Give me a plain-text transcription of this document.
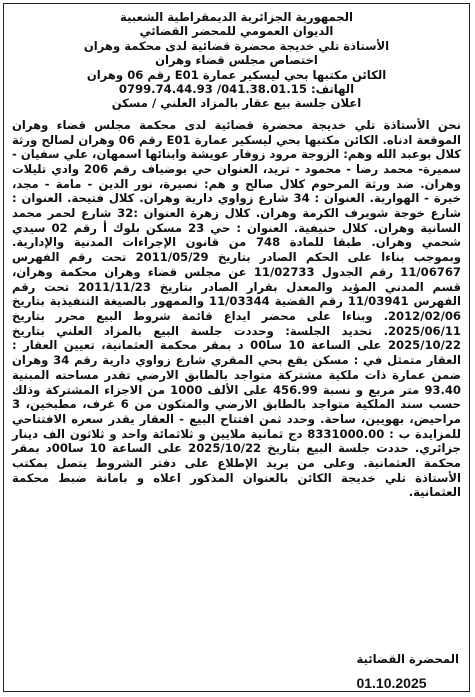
الجمهورية الجزائرية الديمقراطية الشعبية
الديوان العمومي للمحضر القضائي
الأستاذة تلي خديجة محضرة قضائية لدى محكمة وهران
اختصاص مجلس قضاء وهران
الكائن مكتبها بحي ليسكير عمارة E01 رقم 06 وهران
الهاتف: 041.38.01.15/ 0799.74.44.93
اعلان جلسة بيع عقار بالمزاد العلني / مسكن
نحن الأستاذة تلي خديجة محضرة قضائية لدى محكمة مجلس قضاء وهران الموقعة ادناه. الكائن مكتبها بحي ليسكير عمارة E01 رقم 06 وهران لصالح ورثة كلال بوعبد الله وهم: الزوجة مرود زوفار عويشة وابنائها اسمهان، علي سفيان - سميرة- محمد رضا - محمود - تريد، العنوان حي بوضياف رقم 206 وادي تليلات وهران. ضد ورثة المرحوم كلال صالح و هم: نصيرة، نور الدين - مامة - مجد، خيرة - الهوارية. العنوان : 34 شارع زواوي دارية وهران. كلال فتيحة. العنوان : شارع خوجة شويرف الكرمة وهران. كلال زهرة العنوان :32 شارع لحمر محمد السانية وهران. كلال حنيفية. العنوان : حي 23 مسكن بلوك أ رقم 02 سيدي شحمي وهران. طبقا للمادة 748 من قانون الإجراءات المدنية والإدارية. وبموجب بناءا على الحكم الصادر بتاريخ 2011/05/29 تحت رقم الفهرس 11/06767 رقم الجدول 11/02733 عن مجلس قضاء وهران محكمة وهران، قسم المدني المؤيد والمعدل بقرار الصادر بتاريخ 2011/11/23 تحت رقم الفهرس 11/03941 رقم القضية 11/03344 والممهور بالصيغة التنفيذية بتاريخ 2012/02/06. وبناءا على محضر ايداع قائمة شروط البيع محرر بتاريخ 2025/06/11. تحديد الجلسة: وحددت جلسة البيع بالمزاد العلني بتاريخ 2025/10/22 على الساعة 10 سا00 د بمقر محكمة العثمانية، تعيين العقار : العقار متمثل في : مسكن يقع بحي المقري شارع زواوي دارية رقم 34 وهران ضمن عمارة ذات ملكية مشتركة متواجد بالطابق الارضي تقدر مساحته المبنية 93.40 متر مربع و نسبة 456.99 على الألف 1000 من الاجزاء المشتركة وذلك حسب سند الملكية متواجد بالطابق الارضي والمتكون من 6 غرف، مطبخين، 3 مراحيض، بهويين، ساحة. وحدد ثمن افتتاح البيع - العقار يقدر سعره الافتتاحي للمزايدة ب : 8331000.00 دج ثمانية ملايين و ثلاثمائة واحد و ثلاثون الف دينار جزائري. حددت جلسة البيع بتاريخ 2025/10/22 على الساعة 10 سا00د بمقر محكمة العثمانية. وعلى من يريد الإطلاع على دفتر الشروط يتصل بمكتب الأستاذة تلي خديجة الكائن بالعنوان المذكور اعلاه و بامانة ضبط محكمة العثمانية.
المحضرة القضائية
01.10.2025
